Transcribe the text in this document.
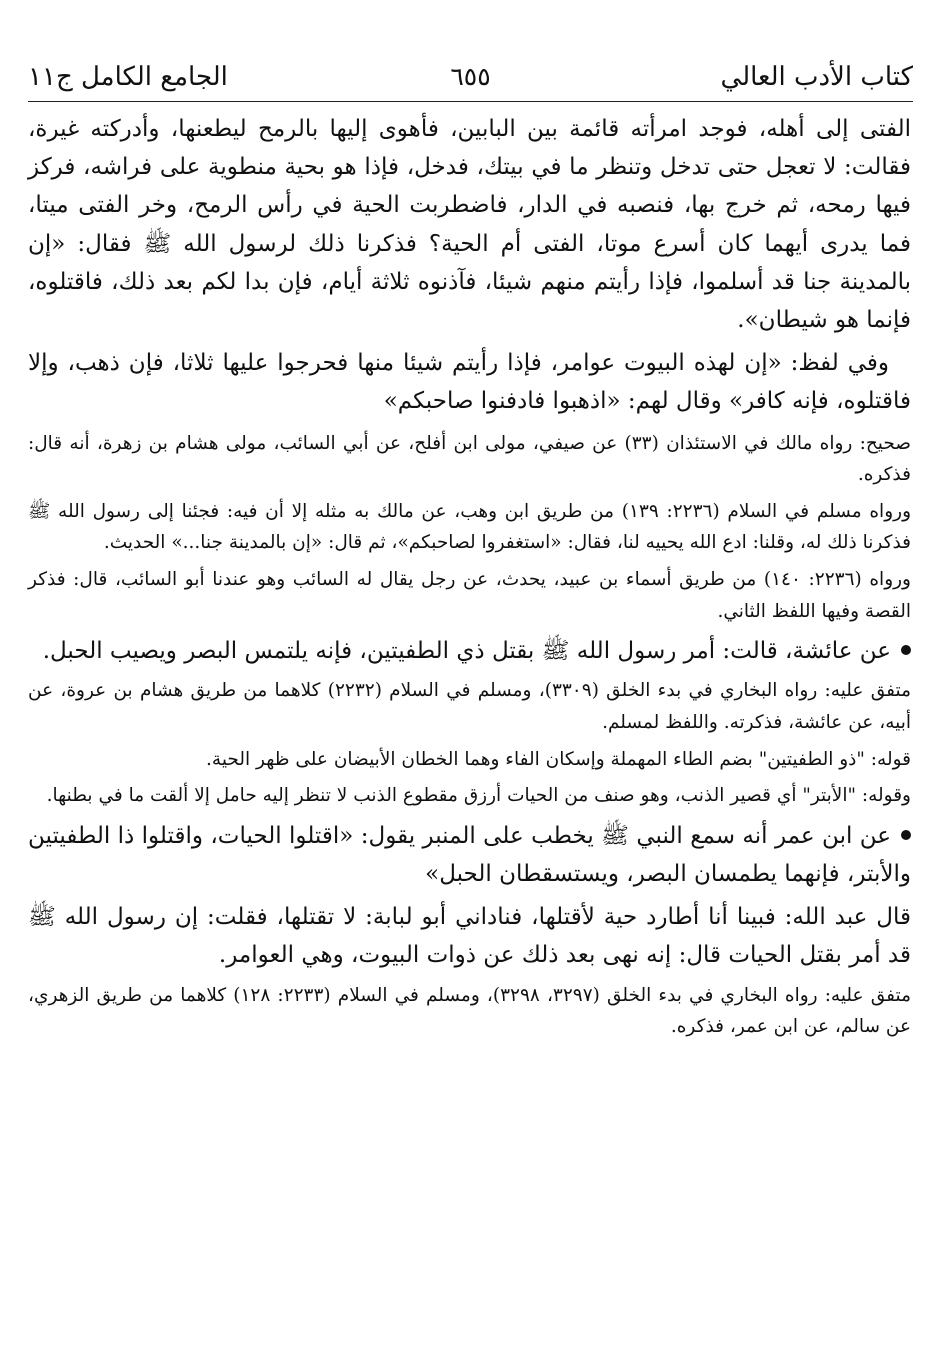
كتاب الأدب العالي
٦٥٥
الجامع الكامل ج١١

الفتى إلى أهله، فوجد امرأته قائمة بين البابين، فأهوى إليها بالرمح ليطعنها، وأدركته غيرة، فقالت: لا تعجل حتى تدخل وتنظر ما في بيتك، فدخل، فإذا هو بحية منطوية على فراشه، فركز فيها رمحه، ثم خرج بها، فنصبه في الدار، فاضطربت الحية في رأس الرمح، وخر الفتى ميتا، فما يدرى أيهما كان أسرع موتا، الفتى أم الحية؟ فذكرنا ذلك لرسول الله ﷺ فقال: «إن بالمدينة جنا قد أسلموا، فإذا رأيتم منهم شيئا، فآذنوه ثلاثة أيام، فإن بدا لكم بعد ذلك، فاقتلوه، فإنما هو شيطان».

وفي لفظ: «إن لهذه البيوت عوامر، فإذا رأيتم شيئا منها فحرجوا عليها ثلاثا، فإن ذهب، وإلا فاقتلوه، فإنه كافر» وقال لهم: «اذهبوا فادفنوا صاحبكم»

صحيح: رواه مالك في الاستئذان (٣٣) عن صيفي، مولى ابن أفلح، عن أبي السائب، مولى هشام بن زهرة، أنه قال: فذكره.

ورواه مسلم في السلام (٢٢٣٦: ١٣٩) من طريق ابن وهب، عن مالك به مثله إلا أن فيه: فجئنا إلى رسول الله ﷺ فذكرنا ذلك له، وقلنا: ادع الله يحييه لنا، فقال: «استغفروا لصاحبكم»، ثم قال: «إن بالمدينة جنا...» الحديث.

ورواه (٢٢٣٦: ١٤٠) من طريق أسماء بن عبيد، يحدث، عن رجل يقال له السائب وهو عندنا أبو السائب، قال: فذكر القصة وفيها اللفظ الثاني.

عن عائشة، قالت: أمر رسول الله ﷺ بقتل ذي الطفيتين، فإنه يلتمس البصر ويصيب الحبل.

متفق عليه: رواه البخاري في بدء الخلق (٣٣٠٩)، ومسلم في السلام (٢٢٣٢) كلاهما من طريق هشام بن عروة، عن أبيه، عن عائشة، فذكرته. واللفظ لمسلم.

قوله: "ذو الطفيتين" بضم الطاء المهملة وإسكان الفاء وهما الخطان الأبيضان على ظهر الحية.

وقوله: "الأبتر" أي قصير الذنب، وهو صنف من الحيات أرزق مقطوع الذنب لا تنظر إليه حامل إلا ألقت ما في بطنها.

عن ابن عمر أنه سمع النبي ﷺ يخطب على المنبر يقول: «اقتلوا الحيات، واقتلوا ذا الطفيتين والأبتر، فإنهما يطمسان البصر، ويستسقطان الحبل»

قال عبد الله: فبينا أنا أطارد حية لأقتلها، فناداني أبو لبابة: لا تقتلها، فقلت: إن رسول الله ﷺ قد أمر بقتل الحيات قال: إنه نهى بعد ذلك عن ذوات البيوت، وهي العوامر.

متفق عليه: رواه البخاري في بدء الخلق (٣٢٩٧، ٣٢٩٨)، ومسلم في السلام (٢٢٣٣: ١٢٨) كلاهما من طريق الزهري، عن سالم، عن ابن عمر، فذكره.
